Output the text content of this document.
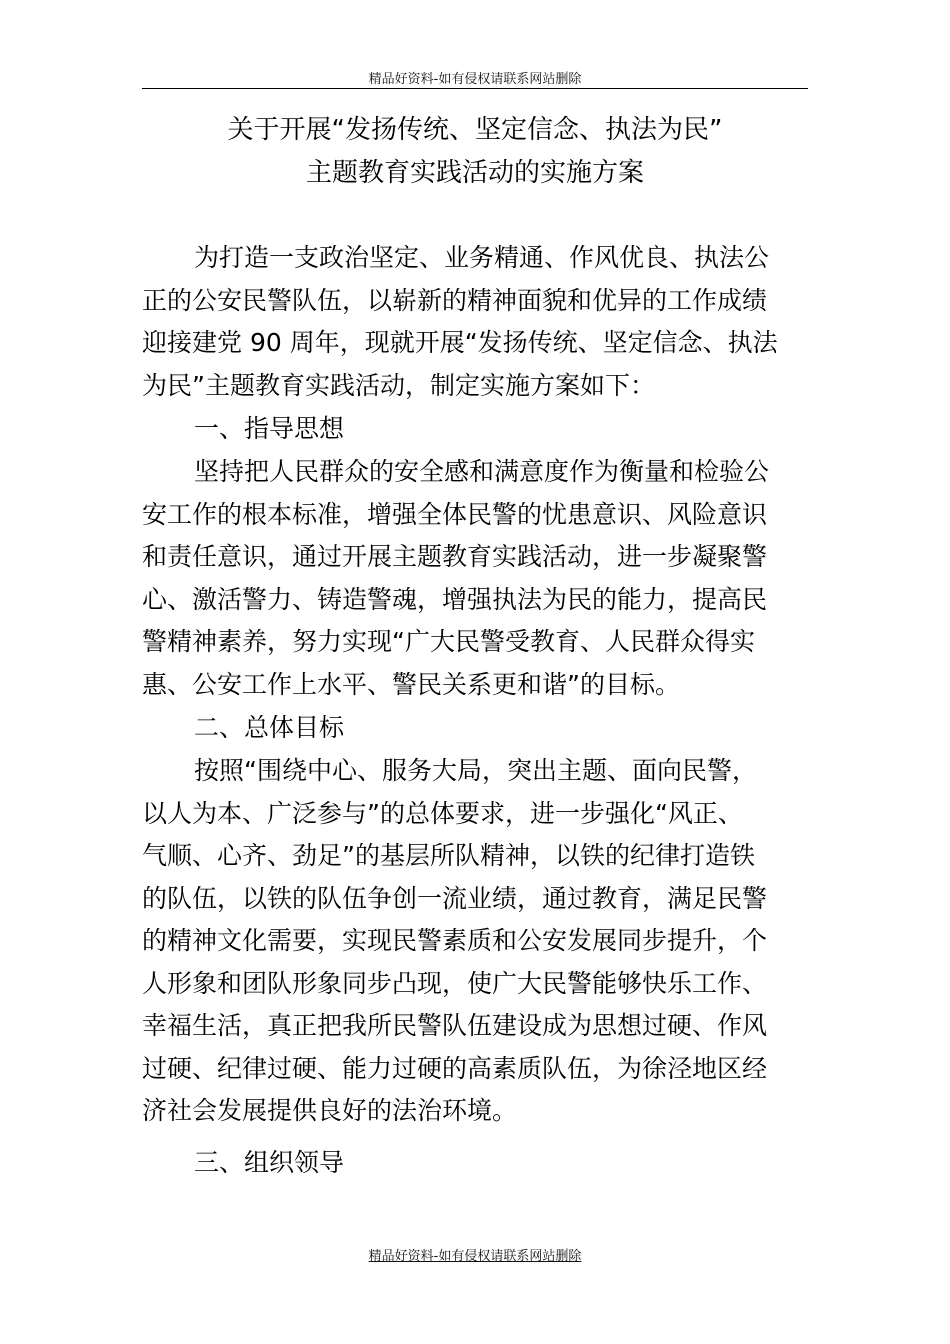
精品好资料-如有侵权请联系网站删除
关于开展“发扬传统、坚定信念、执法为民”
主题教育实践活动的实施方案
为打造一支政治坚定、业务精通、作风优良、执法公
正的公安民警队伍，以崭新的精神面貌和优异的工作成绩
迎接建党 90 周年，现就开展“发扬传统、坚定信念、执法
为民”主题教育实践活动，制定实施方案如下：
一、指导思想
坚持把人民群众的安全感和满意度作为衡量和检验公
安工作的根本标准，增强全体民警的忧患意识、风险意识
和责任意识，通过开展主题教育实践活动，进一步凝聚警
心、激活警力、铸造警魂，增强执法为民的能力，提高民
警精神素养，努力实现“广大民警受教育、人民群众得实
惠、公安工作上水平、警民关系更和谐”的目标。
二、总体目标
按照“围绕中心、服务大局，突出主题、面向民警，
以人为本、广泛参与”的总体要求，进一步强化“风正、
气顺、心齐、劲足”的基层所队精神，以铁的纪律打造铁
的队伍，以铁的队伍争创一流业绩，通过教育，满足民警
的精神文化需要，实现民警素质和公安发展同步提升，个
人形象和团队形象同步凸现，使广大民警能够快乐工作、
幸福生活，真正把我所民警队伍建设成为思想过硬、作风
过硬、纪律过硬、能力过硬的高素质队伍，为徐泾地区经
济社会发展提供良好的法治环境。
三、组织领导
精品好资料-如有侵权请联系网站删除
